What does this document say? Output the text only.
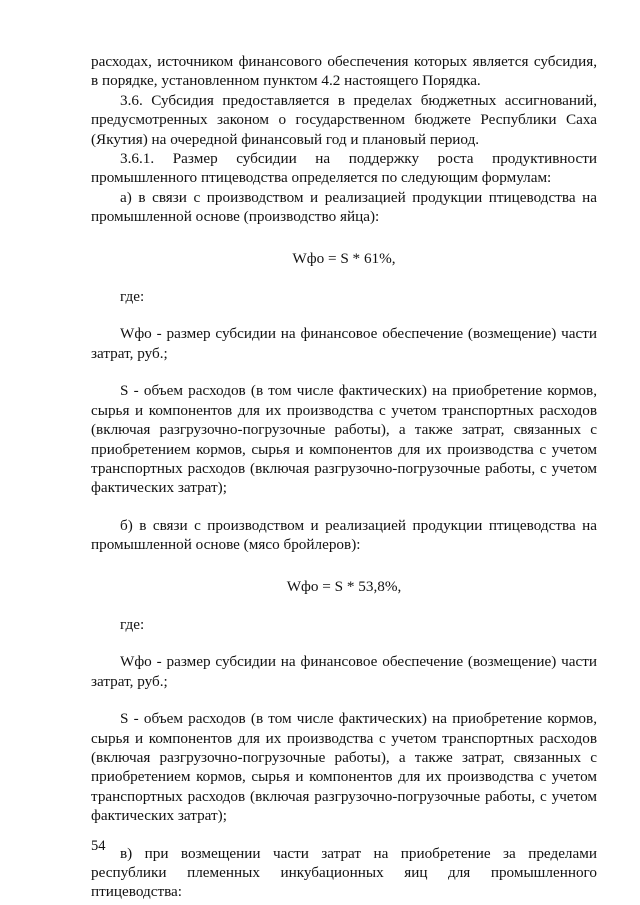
расходах, источником финансового обеспечения которых является субсидия, в порядке, установленном пунктом 4.2 настоящего Порядка.

3.6. Субсидия предоставляется в пределах бюджетных ассигнований, предусмотренных законом о государственном бюджете Республики Саха (Якутия) на очередной финансовый год и плановый период.

3.6.1. Размер субсидии на поддержку роста продуктивности промышленного птицеводства определяется по следующим формулам:

а) в связи с производством и реализацией продукции птицеводства на промышленной основе (производство яйца):

Wфо = S * 61%,

где:

Wфо - размер субсидии на финансовое обеспечение (возмещение) части затрат, руб.;

S - объем расходов (в том числе фактических) на приобретение кормов, сырья и компонентов для их производства с учетом транспортных расходов (включая разгрузочно-погрузочные работы), а также затрат, связанных с приобретением кормов, сырья и компонентов для их производства с учетом транспортных расходов (включая разгрузочно-погрузочные работы, с учетом фактических затрат);

б) в связи с производством и реализацией продукции птицеводства на промышленной основе (мясо бройлеров):

Wфо = S * 53,8%,

где:

Wфо - размер субсидии на финансовое обеспечение (возмещение) части затрат, руб.;

S - объем расходов (в том числе фактических) на приобретение кормов, сырья и компонентов для их производства с учетом транспортных расходов (включая разгрузочно-погрузочные работы), а также затрат, связанных с приобретением кормов, сырья и компонентов для их производства с учетом транспортных расходов (включая разгрузочно-погрузочные работы, с учетом фактических затрат);

в) при возмещении части затрат на приобретение за пределами республики племенных инкубационных яиц для промышленного птицеводства:

54
